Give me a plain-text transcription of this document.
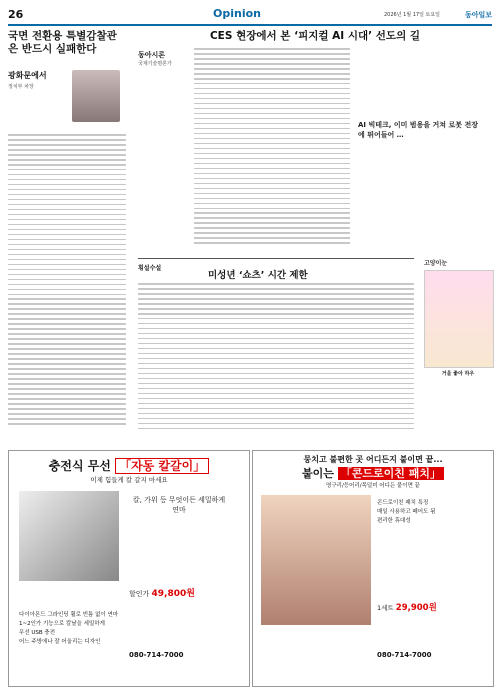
26	Opinion	2026년 1월 17일 토요일	동아일보
국면 전환용 특별감찰관은 반드시 실패한다
광화문에서
정치부 차장
CES 현장에서 본 ‘피지컬 AI 시대’ 선도의 길
동아시론
국제기술평론가
AI 빅테크, 이미 범용을 거쳐 로봇 전장에 뛰어들어 …
횡설수설
미성년 ‘쇼츠’ 시간 제한
고양이눈
거울 좋아 하우
충전식 무선 「자동 칼갈이」
이제 힘들게 칼 갈지 마세요
칼, 가위 등 무엇이든 세밀하게 연마
할인가 49,800원
다이아몬드 그라인딩 휠로 빈틈 없이 연마
1~2인가 기능으로 칼날을 세밀하게
무선 USB 충전
어느 주방에나 잘 어울리는 디자인
080-714-7000
뭉치고 불편한 곳 어디든지 붙이면 끝...
붙이는 「콘드로이친 패치」
영구리/등어리/목덜미 어디든 붙이면 끝
콘드로이친 패치 특징
매일 사용하고 떼어도 됨
편리한 휴대성
1세트 29,900원
080-714-7000
